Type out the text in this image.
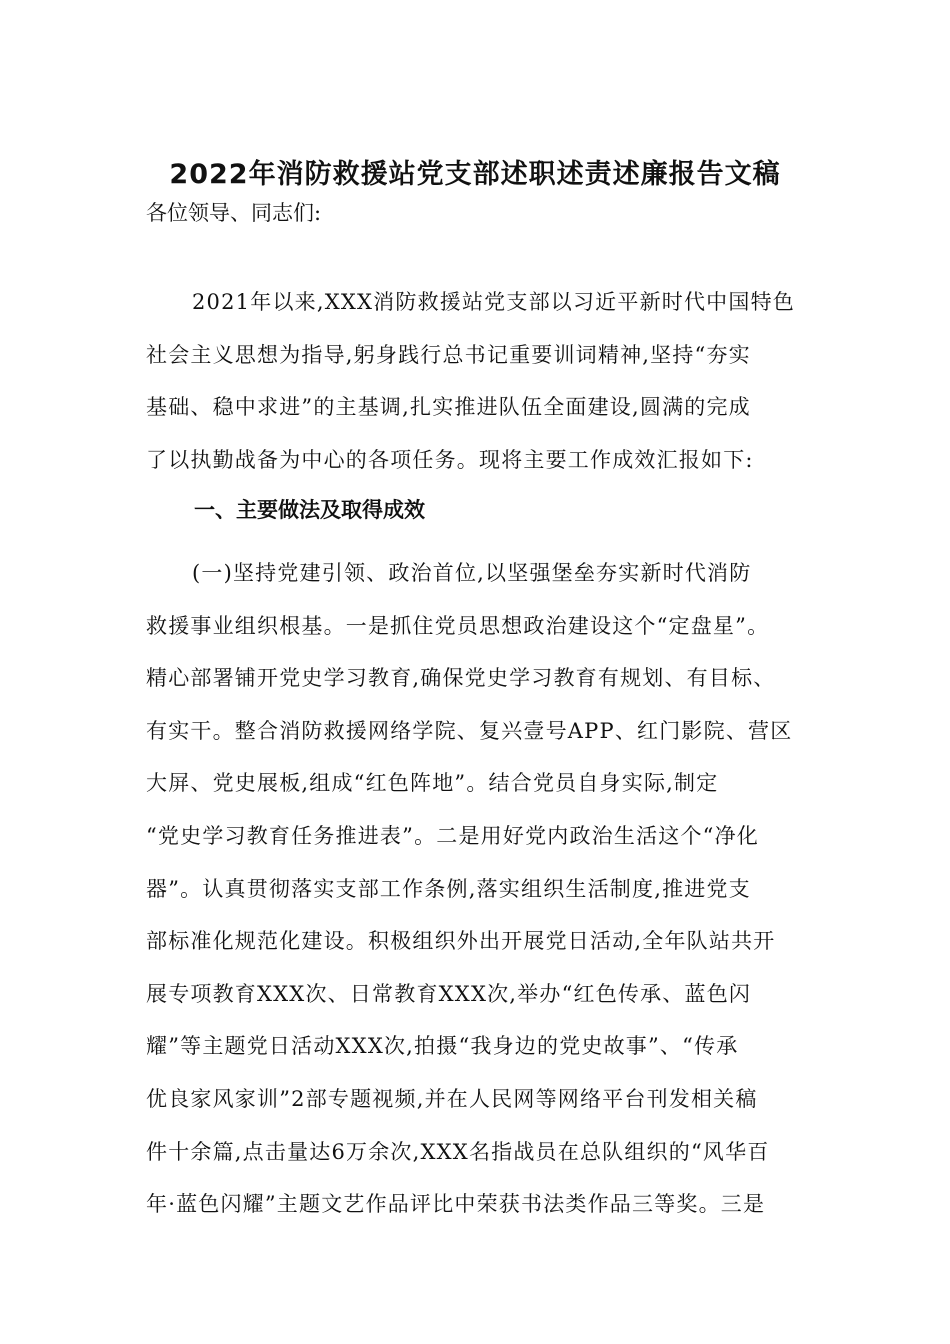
2022年消防救援站党支部述职述责述廉报告文稿
各位领导、同志们:
2021年以来,XXX消防救援站党支部以习近平新时代中国特色
社会主义思想为指导,躬身践行总书记重要训词精神,坚持“夯实
基础、稳中求进”的主基调,扎实推进队伍全面建设,圆满的完成
了以执勤战备为中心的各项任务。现将主要工作成效汇报如下:
一、主要做法及取得成效
(一)坚持党建引领、政治首位,以坚强堡垒夯实新时代消防
救援事业组织根基。一是抓住党员思想政治建设这个“定盘星”。
精心部署铺开党史学习教育,确保党史学习教育有规划、有目标、
有实干。整合消防救援网络学院、复兴壹号APP、红门影院、营区
大屏、党史展板,组成“红色阵地”。结合党员自身实际,制定
“党史学习教育任务推进表”。二是用好党内政治生活这个“净化
器”。认真贯彻落实支部工作条例,落实组织生活制度,推进党支
部标准化规范化建设。积极组织外出开展党日活动,全年队站共开
展专项教育XXX次、日常教育XXX次,举办“红色传承、蓝色闪
耀”等主题党日活动XXX次,拍摄“我身边的党史故事”、“传承
优良家风家训”2部专题视频,并在人民网等网络平台刊发相关稿
件十余篇,点击量达6万余次,XXX名指战员在总队组织的“风华百
年·蓝色闪耀”主题文艺作品评比中荣获书法类作品三等奖。三是
